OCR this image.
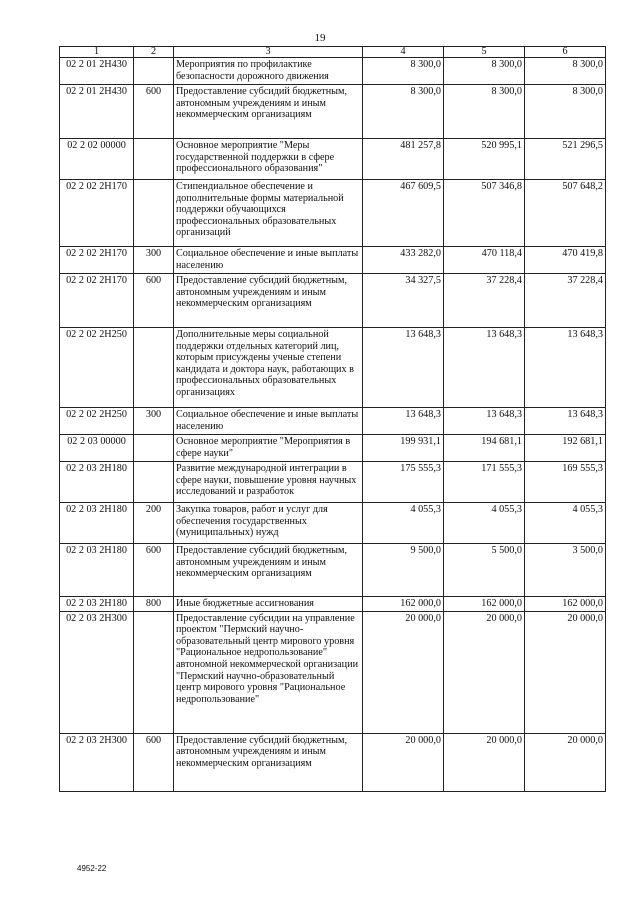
19
1	2	3	4	5	6
02 2 01 2Н430		Мероприятия по профилактике безопасности дорожного движения	8 300,0	8 300,0	8 300,0
02 2 01 2Н430	600	Предоставление субсидий бюджетным, автономным учреждениям и иным некоммерческим организациям	8 300,0	8 300,0	8 300,0
02 2 02 00000		Основное мероприятие "Меры государственной поддержки в сфере профессионального образования"	481 257,8	520 995,1	521 296,5
02 2 02 2Н170		Стипендиальное обеспечение и дополнительные формы материальной поддержки обучающихся профессиональных образовательных организаций	467 609,5	507 346,8	507 648,2
02 2 02 2Н170	300	Социальное обеспечение и иные выплаты населению	433 282,0	470 118,4	470 419,8
02 2 02 2Н170	600	Предоставление субсидий бюджетным, автономным учреждениям и иным некоммерческим организациям	34 327,5	37 228,4	37 228,4
02 2 02 2Н250		Дополнительные меры социальной поддержки отдельных категорий лиц, которым присуждены ученые степени кандидата и доктора наук, работающих в профессиональных образовательных организациях	13 648,3	13 648,3	13 648,3
02 2 02 2Н250	300	Социальное обеспечение и иные выплаты населению	13 648,3	13 648,3	13 648,3
02 2 03 00000		Основное мероприятие "Мероприятия в сфере науки"	199 931,1	194 681,1	192 681,1
02 2 03 2Н180		Развитие международной интеграции в сфере науки, повышение уровня научных исследований и разработок	175 555,3	171 555,3	169 555,3
02 2 03 2Н180	200	Закупка товаров, работ и услуг для обеспечения государственных (муниципальных) нужд	4 055,3	4 055,3	4 055,3
02 2 03 2Н180	600	Предоставление субсидий бюджетным, автономным учреждениям и иным некоммерческим организациям	9 500,0	5 500,0	3 500,0
02 2 03 2Н180	800	Иные бюджетные ассигнования	162 000,0	162 000,0	162 000,0
02 2 03 2Н300		Предоставление субсидии на управление проектом "Пермский научно-образовательный центр мирового уровня "Рациональное недропользование" автономной некоммерческой организации "Пермский научно-образовательный центр мирового уровня "Рациональное недропользование"	20 000,0	20 000,0	20 000,0
02 2 03 2Н300	600	Предоставление субсидий бюджетным, автономным учреждениям и иным некоммерческим организациям	20 000,0	20 000,0	20 000,0
4952-22
